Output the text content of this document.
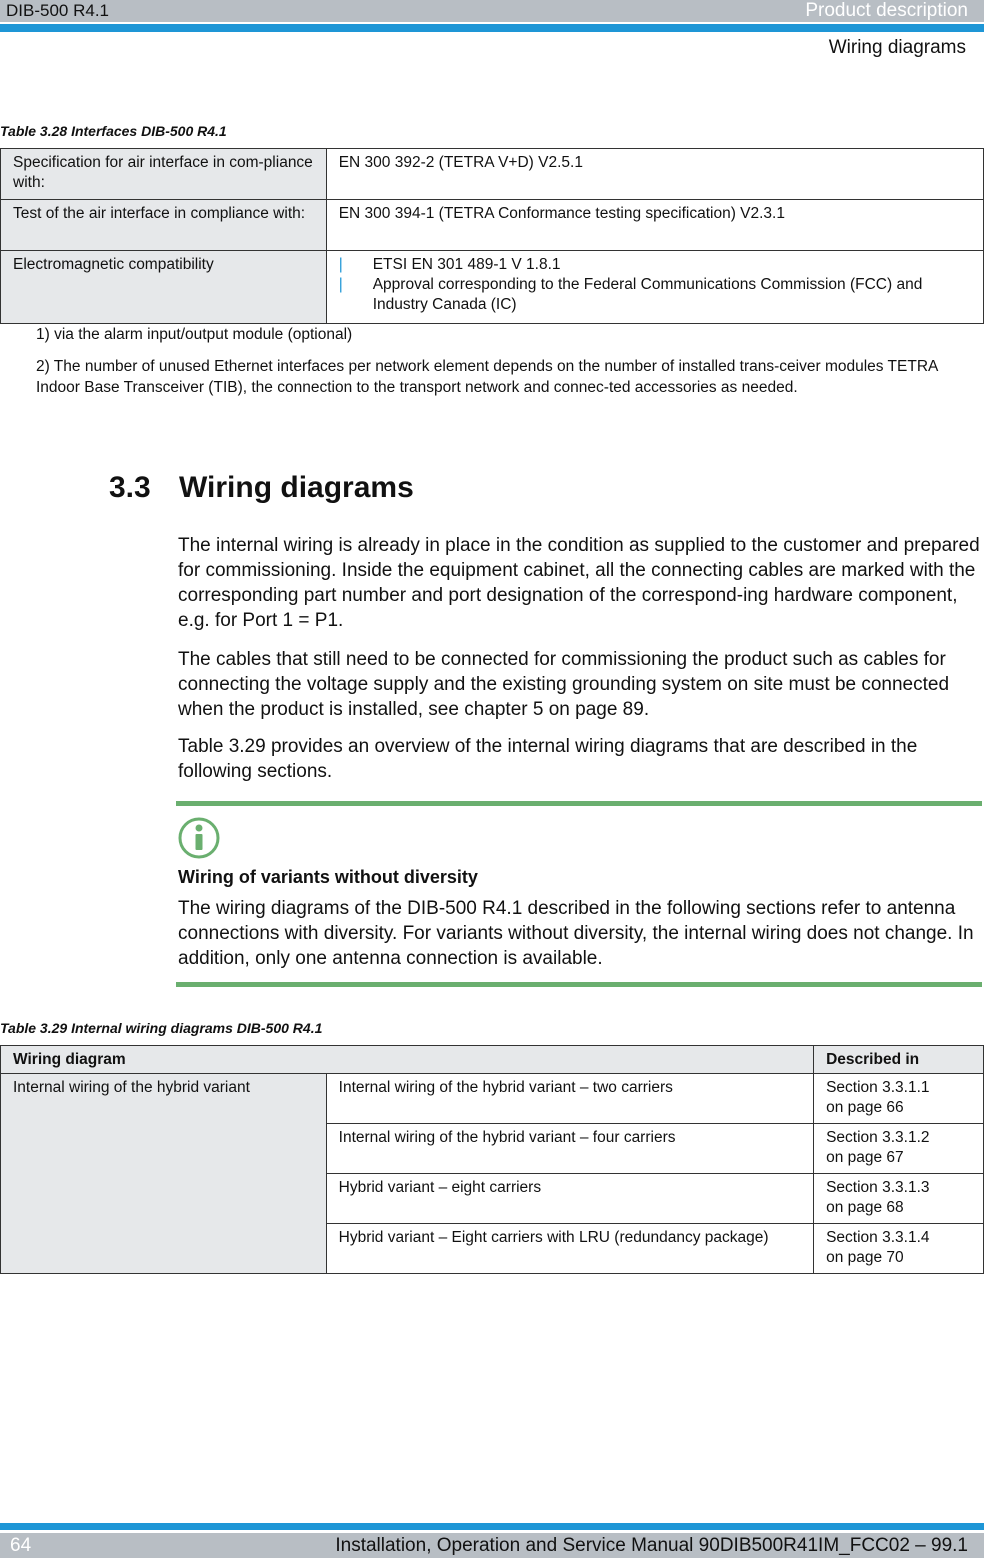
DIB-500 R4.1	Product description
Wiring diagrams
Table 3.28 Interfaces DIB-500 R4.1
Specification for air interface in com-pliance with:	EN 300 392-2 (TETRA V+D) V2.5.1
Test of the air interface in compliance with:	EN 300 394-1 (TETRA Conformance testing specification) V2.3.1
Electromagnetic compatibility	| ETSI EN 301 489-1 V 1.8.1
| Approval corresponding to the Federal Communications Commission (FCC) and Industry Canada (IC)
1) via the alarm input/output module (optional)
2) The number of unused Ethernet interfaces per network element depends on the number of installed trans-ceiver modules TETRA Indoor Base Transceiver (TIB), the connection to the transport network and connec-ted accessories as needed.
3.3 Wiring diagrams

The internal wiring is already in place in the condition as supplied to the customer and prepared for commissioning. Inside the equipment cabinet, all the connecting cables are marked with the corresponding part number and port designation of the correspond-ing hardware component, e.g. for Port 1 = P1.

The cables that still need to be connected for commissioning the product such as cables for connecting the voltage supply and the existing grounding system on site must be connected when the product is installed, see chapter 5 on page 89.

Table 3.29 provides an overview of the internal wiring diagrams that are described in the following sections.

Wiring of variants without diversity

The wiring diagrams of the DIB-500 R4.1 described in the following sections refer to antenna connections with diversity. For variants without diversity, the internal wiring does not change. In addition, only one antenna connection is available.

Table 3.29 Internal wiring diagrams DIB-500 R4.1
Wiring diagram		Described in
Internal wiring of the hybrid variant	Internal wiring of the hybrid variant – two carriers	Section 3.3.1.1
on page 66

	Internal wiring of the hybrid variant – four carriers	Section 3.3.1.2
on page 67

	Hybrid variant – eight carriers	Section 3.3.1.3
on page 68

	Hybrid variant – Eight carriers with LRU (redundancy package)	Section 3.3.1.4
on page 70
64	Installation, Operation and Service Manual 90DIB500R41IM_FCC02 – 99.1
